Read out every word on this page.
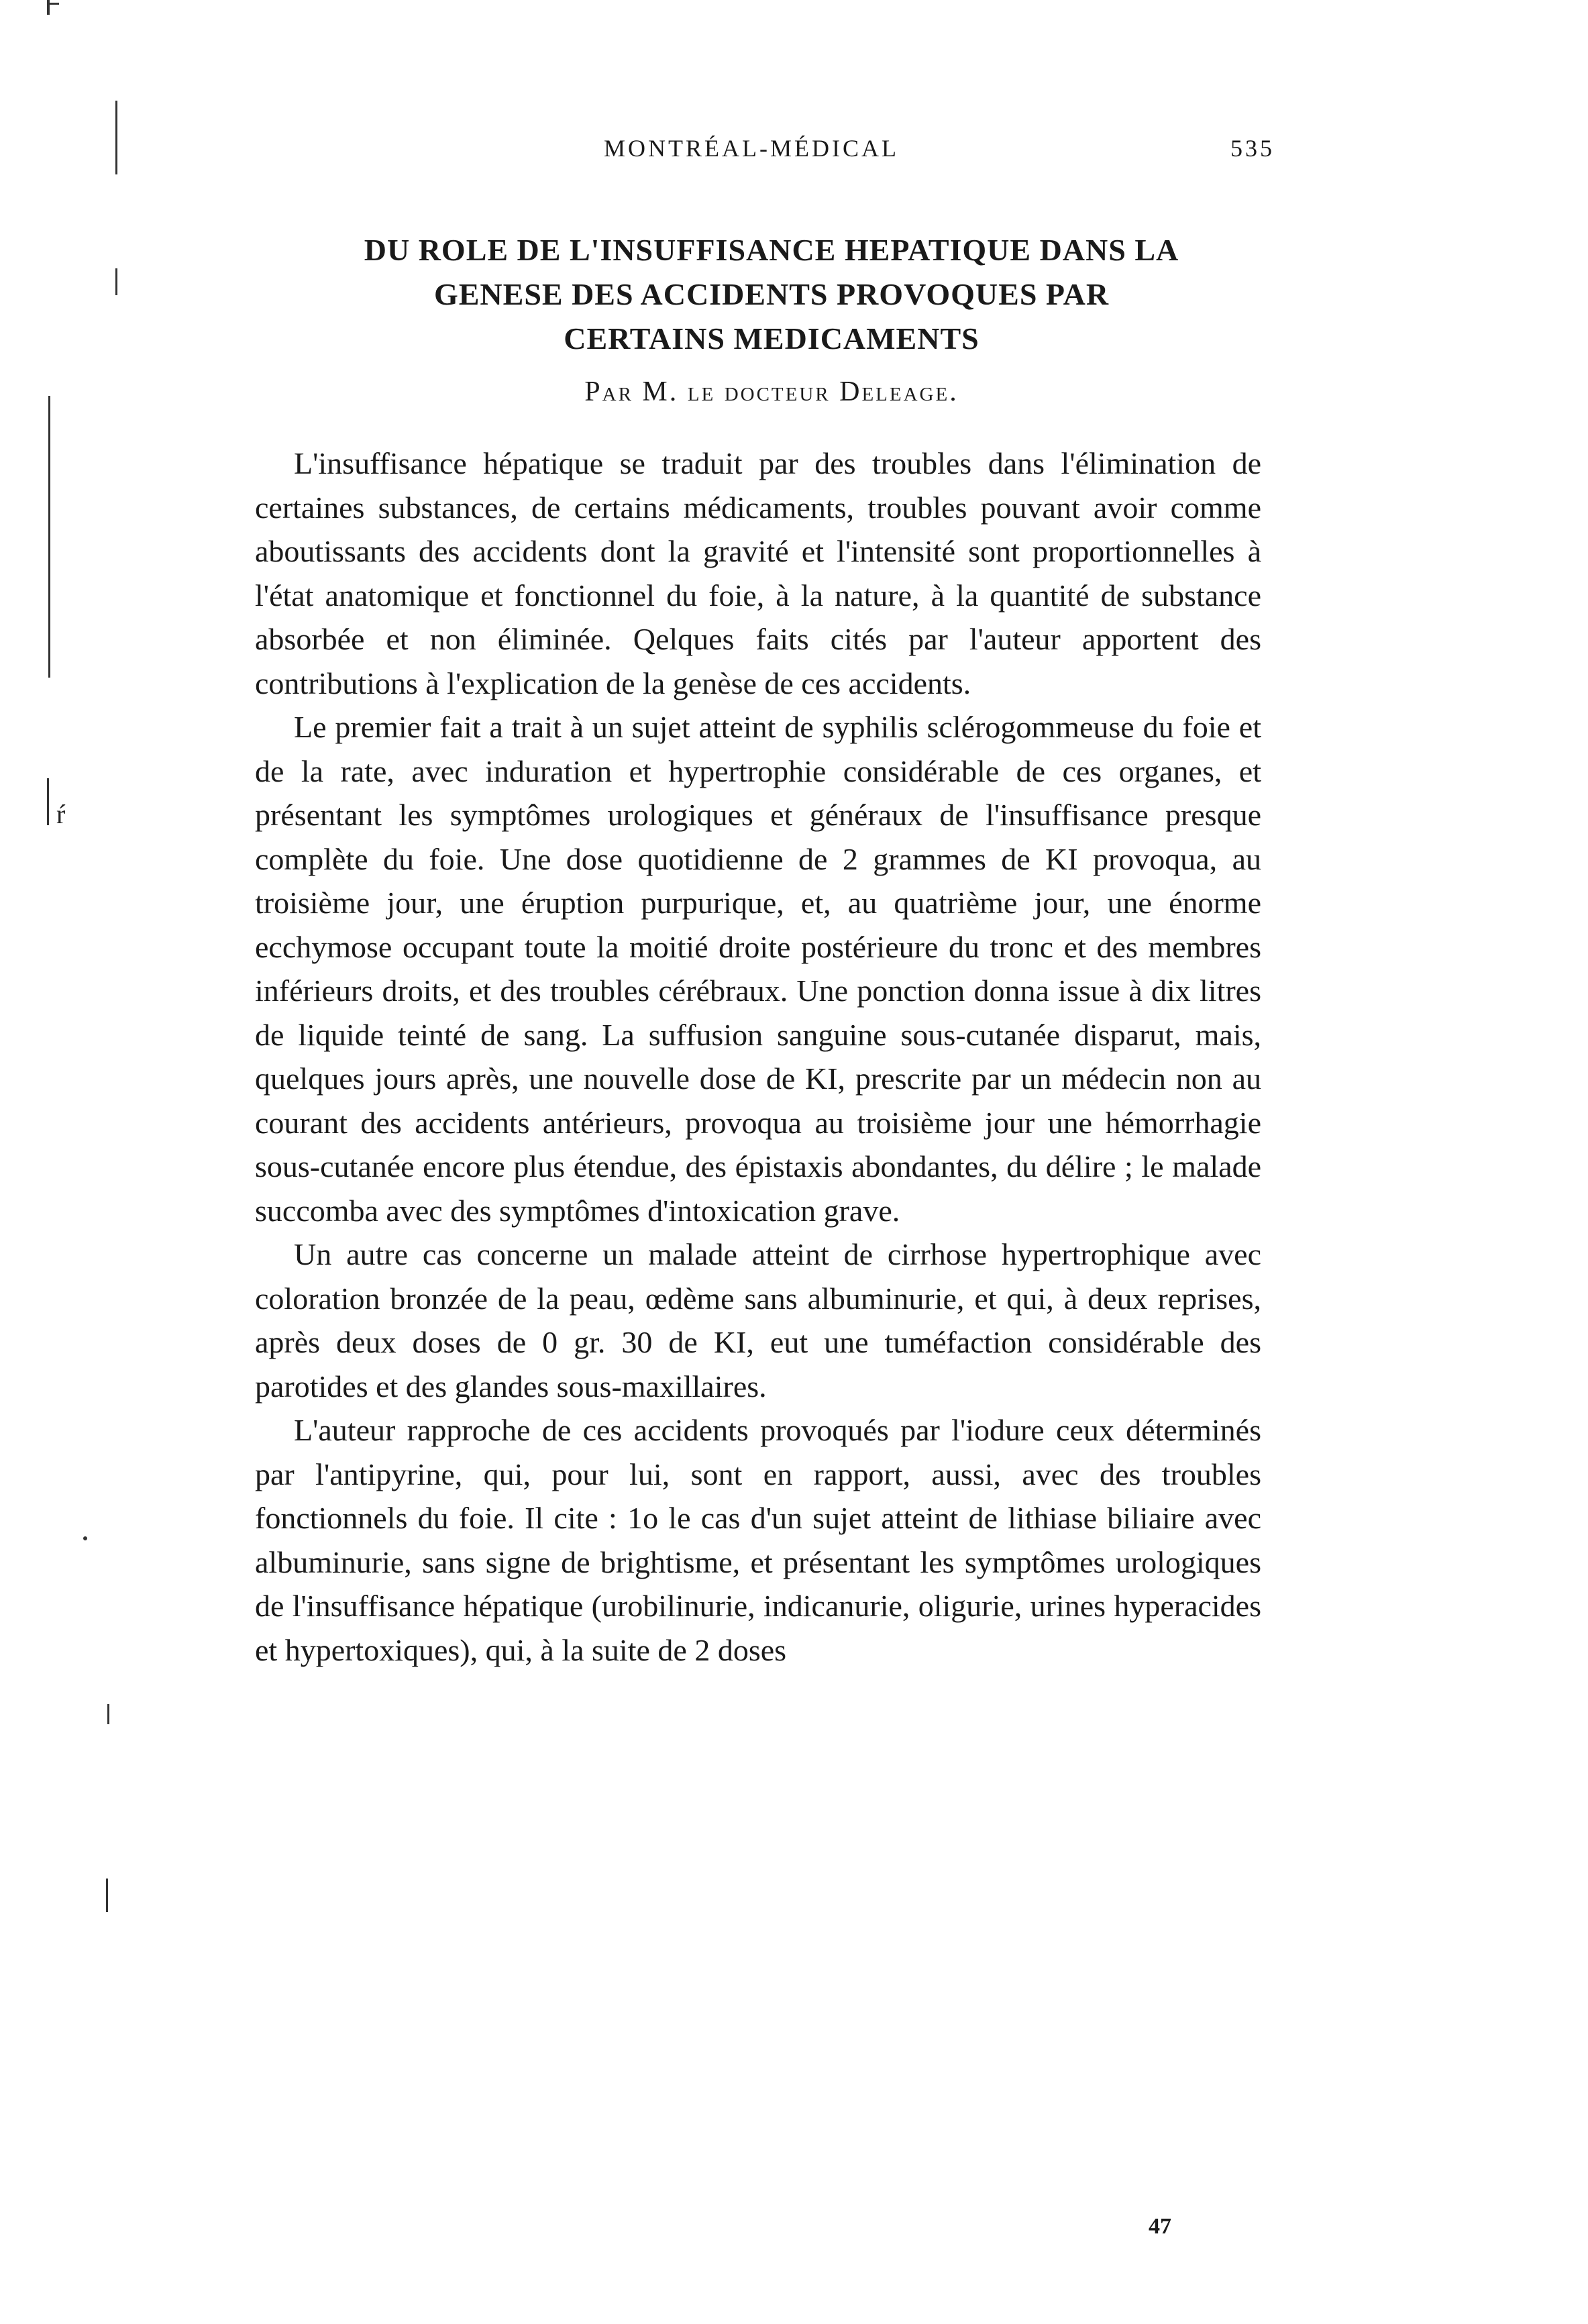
ŕ
MONTRÉAL-MÉDICAL	535
DU ROLE DE L'INSUFFISANCE HEPATIQUE DANS LA
GENESE DES ACCIDENTS PROVOQUES PAR
CERTAINS MEDICAMENTS
Par M. le docteur Deleage.

L'insuffisance hépatique se traduit par des troubles dans l'élimination de certaines substances, de certains médicaments, troubles pouvant avoir comme aboutissants des accidents dont la gravité et l'intensité sont proportionnelles à l'état anatomique et fonctionnel du foie, à la nature, à la quantité de substance absorbée et non éliminée. Qelques faits cités par l'auteur apportent des contributions à l'explication de la genèse de ces accidents.

Le premier fait a trait à un sujet atteint de syphilis sclérogommeuse du foie et de la rate, avec induration et hypertrophie considérable de ces organes, et présentant les symptômes urologiques et généraux de l'insuffisance presque complète du foie. Une dose quotidienne de 2 grammes de KI provoqua, au troisième jour, une éruption purpurique, et, au quatrième jour, une énorme ecchymose occupant toute la moitié droite postérieure du tronc et des membres inférieurs droits, et des troubles cérébraux. Une ponction donna issue à dix litres de liquide teinté de sang. La suffusion sanguine sous-cutanée disparut, mais, quelques jours après, une nouvelle dose de KI, prescrite par un médecin non au courant des accidents antérieurs, provoqua au troisième jour une hémorrhagie sous-cutanée encore plus étendue, des épistaxis abondantes, du délire ; le malade succomba avec des symptômes d'intoxication grave.

Un autre cas concerne un malade atteint de cirrhose hypertrophique avec coloration bronzée de la peau, œdème sans albuminurie, et qui, à deux reprises, après deux doses de 0 gr. 30 de KI, eut une tuméfaction considérable des parotides et des glandes sous-maxillaires.

L'auteur rapproche de ces accidents provoqués par l'iodure ceux déterminés par l'antipyrine, qui, pour lui, sont en rapport, aussi, avec des troubles fonctionnels du foie. Il cite : 1o le cas d'un sujet atteint de lithiase biliaire avec albuminurie, sans signe de brightisme, et présentant les symptômes urologiques de l'insuffisance hépatique (urobilinurie, indicanurie, oligurie, urines hyperacides et hypertoxiques), qui, à la suite de 2 doses

47
